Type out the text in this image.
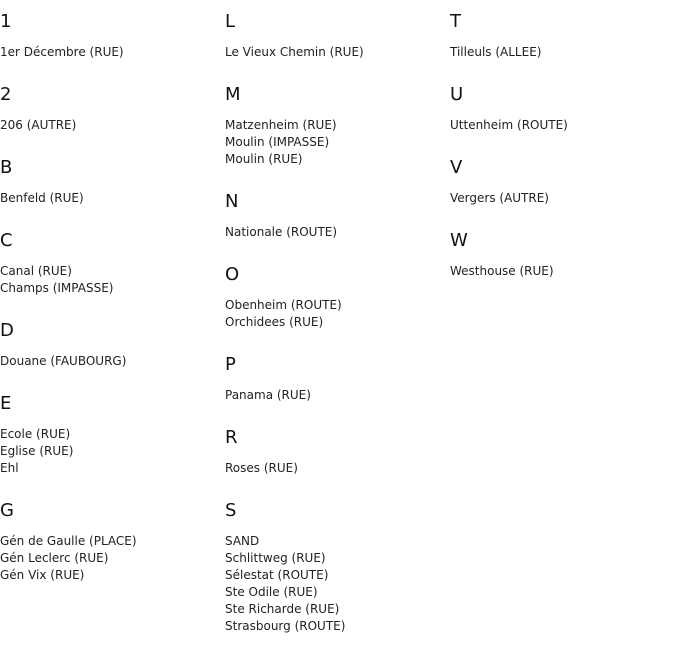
1
1er Décembre (RUE)
2
206 (AUTRE)
B
Benfeld (RUE)
C
Canal (RUE)
Champs (IMPASSE)
D
Douane (FAUBOURG)
E
Ecole (RUE)
Eglise (RUE)
Ehl
G
Gén de Gaulle (PLACE)
Gén Leclerc (RUE)
Gén Vix (RUE)
L
Le Vieux Chemin (RUE)
M
Matzenheim (RUE)
Moulin (IMPASSE)
Moulin (RUE)
N
Nationale (ROUTE)
O
Obenheim (ROUTE)
Orchidees (RUE)
P
Panama (RUE)
R
Roses (RUE)
S
SAND
Schlittweg (RUE)
Sélestat (ROUTE)
Ste Odile (RUE)
Ste Richarde (RUE)
Strasbourg (ROUTE)
T
Tilleuls (ALLEE)
U
Uttenheim (ROUTE)
V
Vergers (AUTRE)
W
Westhouse (RUE)
